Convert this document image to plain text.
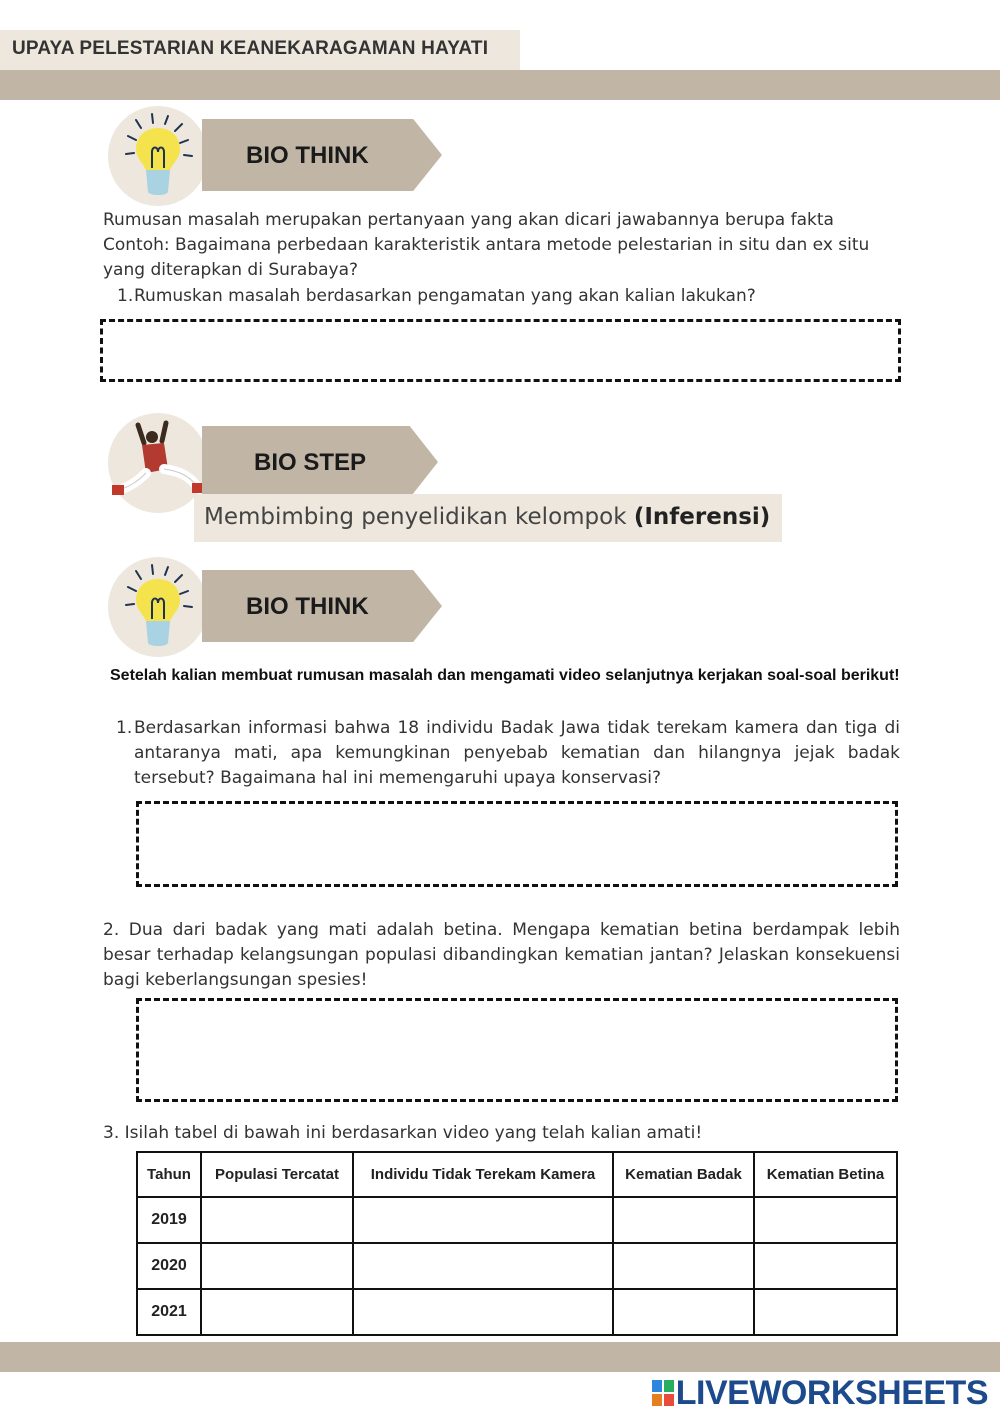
UPAYA PELESTARIAN KEANEKARAGAMAN HAYATI
BIO THINK
Rumusan masalah merupakan pertanyaan yang akan dicari jawabannya berupa fakta
Contoh: Bagaimana perbedaan karakteristik antara metode pelestarian in situ dan ex situ
yang diterapkan di Surabaya?
1. Rumuskan masalah berdasarkan pengamatan yang akan kalian lakukan?
BIO STEP
Membimbing penyelidikan kelompok (Inferensi)
BIO THINK
Setelah kalian membuat rumusan masalah dan mengamati video selanjutnya kerjakan soal-soal berikut!
1. Berdasarkan informasi bahwa 18 individu Badak Jawa tidak terekam kamera dan tiga di antaranya mati, apa kemungkinan penyebab kematian dan hilangnya jejak badak tersebut? Bagaimana hal ini memengaruhi upaya konservasi?
2. Dua dari badak yang mati adalah betina. Mengapa kematian betina berdampak lebih besar terhadap kelangsungan populasi dibandingkan kematian jantan? Jelaskan konsekuensi bagi keberlangsungan spesies!
3. Isilah tabel di bawah ini berdasarkan video yang telah kalian amati!
Tahun	Populasi Tercatat	Individu Tidak Terekam Kamera	Kematian Badak	Kematian Betina
2019				
2020				
2021				
LIVEWORKSHEETS
